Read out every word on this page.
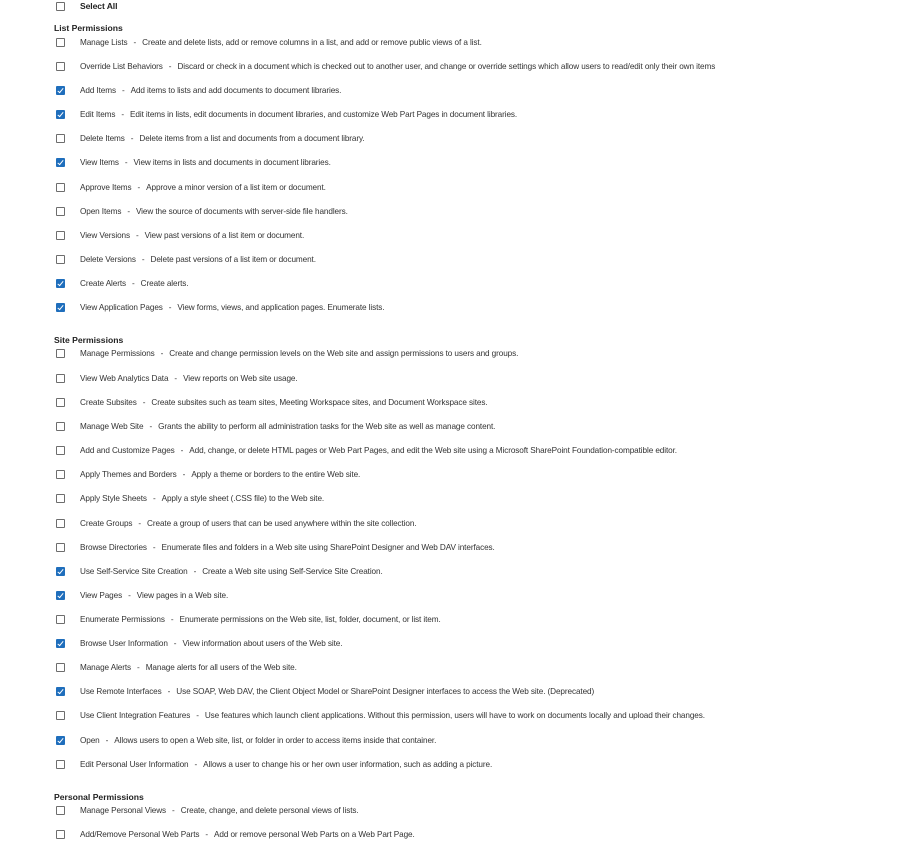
Select All
List Permissions
Manage Lists - Create and delete lists, add or remove columns in a list, and add or remove public views of a list.
Override List Behaviors - Discard or check in a document which is checked out to another user, and change or override settings which allow users to read/edit only their own items
Add Items - Add items to lists and add documents to document libraries.
Edit Items - Edit items in lists, edit documents in document libraries, and customize Web Part Pages in document libraries.
Delete Items - Delete items from a list and documents from a document library.
View Items - View items in lists and documents in document libraries.
Approve Items - Approve a minor version of a list item or document.
Open Items - View the source of documents with server-side file handlers.
View Versions - View past versions of a list item or document.
Delete Versions - Delete past versions of a list item or document.
Create Alerts - Create alerts.
View Application Pages - View forms, views, and application pages. Enumerate lists.
Site Permissions
Manage Permissions - Create and change permission levels on the Web site and assign permissions to users and groups.
View Web Analytics Data - View reports on Web site usage.
Create Subsites - Create subsites such as team sites, Meeting Workspace sites, and Document Workspace sites.
Manage Web Site - Grants the ability to perform all administration tasks for the Web site as well as manage content.
Add and Customize Pages - Add, change, or delete HTML pages or Web Part Pages, and edit the Web site using a Microsoft SharePoint Foundation-compatible editor.
Apply Themes and Borders - Apply a theme or borders to the entire Web site.
Apply Style Sheets - Apply a style sheet (.CSS file) to the Web site.
Create Groups - Create a group of users that can be used anywhere within the site collection.
Browse Directories - Enumerate files and folders in a Web site using SharePoint Designer and Web DAV interfaces.
Use Self-Service Site Creation - Create a Web site using Self-Service Site Creation.
View Pages - View pages in a Web site.
Enumerate Permissions - Enumerate permissions on the Web site, list, folder, document, or list item.
Browse User Information - View information about users of the Web site.
Manage Alerts - Manage alerts for all users of the Web site.
Use Remote Interfaces - Use SOAP, Web DAV, the Client Object Model or SharePoint Designer interfaces to access the Web site. (Deprecated)
Use Client Integration Features - Use features which launch client applications. Without this permission, users will have to work on documents locally and upload their changes.
Open - Allows users to open a Web site, list, or folder in order to access items inside that container.
Edit Personal User Information - Allows a user to change his or her own user information, such as adding a picture.
Personal Permissions
Manage Personal Views - Create, change, and delete personal views of lists.
Add/Remove Personal Web Parts - Add or remove personal Web Parts on a Web Part Page.
